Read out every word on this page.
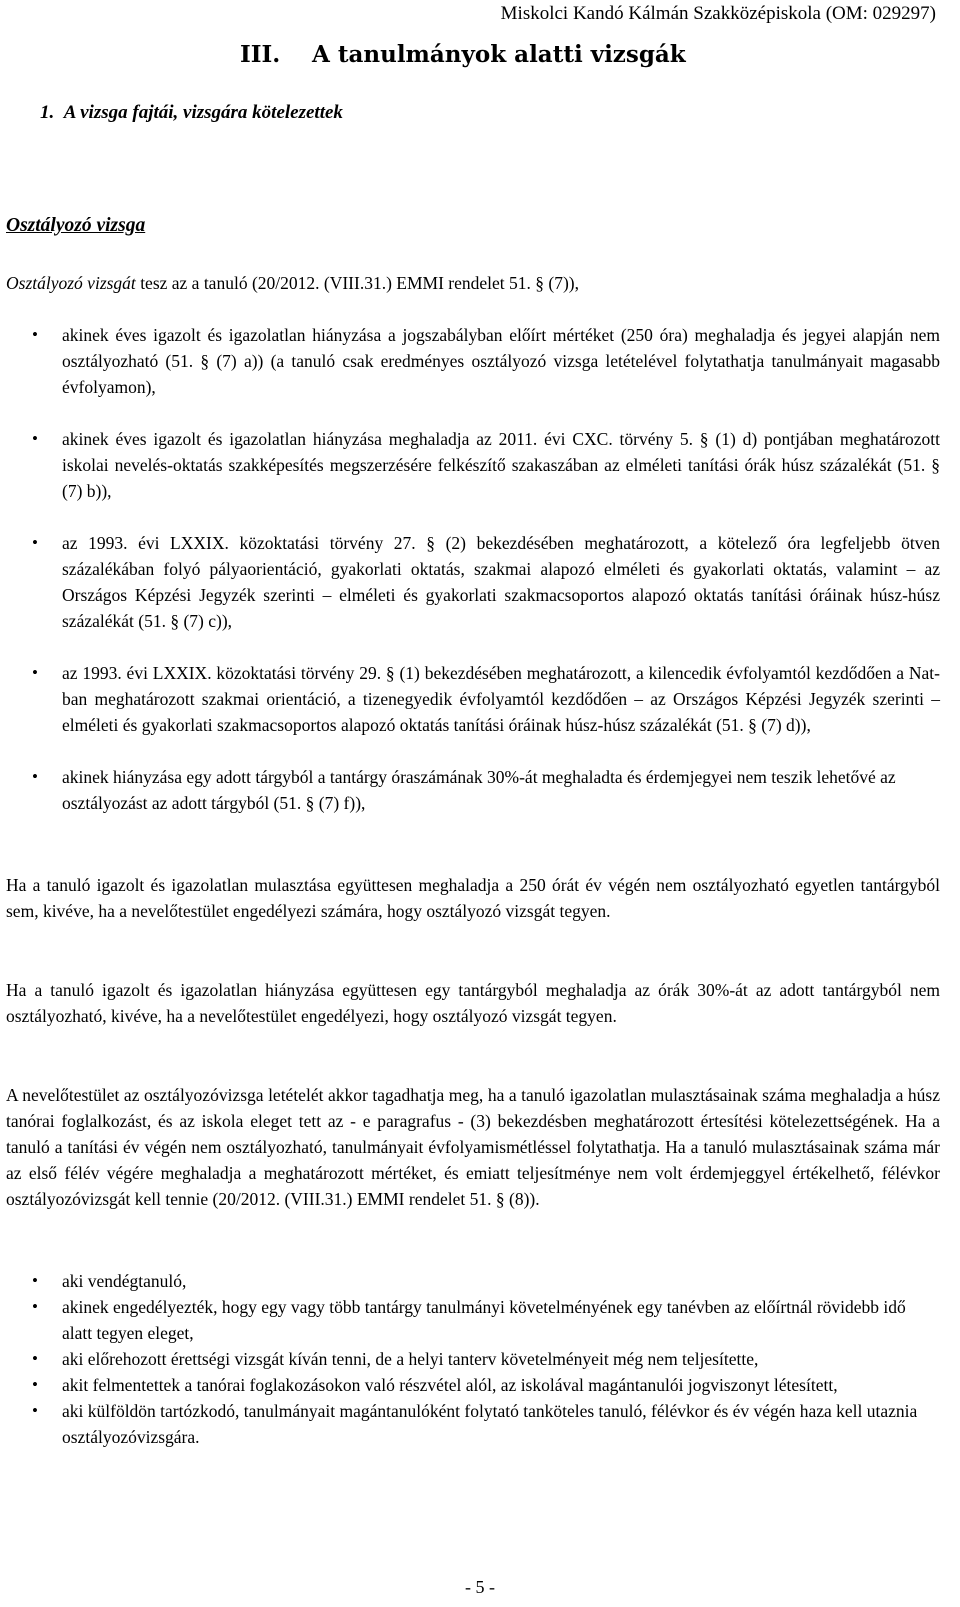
Miskolci Kandó Kálmán Szakközépiskola (OM: 029297)
III. A tanulmányok alatti vizsgák
1.  A vizsga fajtái, vizsgára kötelezettek
Osztályozó vizsga
Osztályozó vizsgát tesz az a tanuló (20/2012. (VIII.31.) EMMI rendelet 51. § (7)),
• akinek éves igazolt és igazolatlan hiányzása a jogszabályban előírt mértéket (250 óra) meghaladja és jegyei alapján nem osztályozható (51. § (7) a)) (a tanuló csak eredményes osztályozó vizsga letételével folytathatja tanulmányait magasabb évfolyamon),
• akinek éves igazolt és igazolatlan hiányzása meghaladja az 2011. évi CXC. törvény 5. § (1) d) pontjában meghatározott iskolai nevelés-oktatás szakképesítés megszerzésére felkészítő szakaszában az elméleti tanítási órák húsz százalékát (51. § (7) b)),
• az 1993. évi LXXIX. közoktatási törvény 27. § (2) bekezdésében meghatározott, a kötelező óra legfeljebb ötven százalékában folyó pályaorientáció, gyakorlati oktatás, szakmai alapozó elméleti és gyakorlati oktatás, valamint – az Országos Képzési Jegyzék szerinti – elméleti és gyakorlati szakmacsoportos alapozó oktatás tanítási óráinak húsz-húsz százalékát (51. § (7) c)),
• az 1993. évi LXXIX. közoktatási törvény 29. § (1) bekezdésében meghatározott, a kilencedik évfolyamtól kezdődően a Nat-ban meghatározott szakmai orientáció, a tizenegyedik évfolyamtól kezdődően – az Országos Képzési Jegyzék szerinti – elméleti és gyakorlati szakmacsoportos alapozó oktatás tanítási óráinak húsz-húsz százalékát (51. § (7) d)),
• akinek hiányzása egy adott tárgyból a tantárgy óraszámának 30%-át meghaladta és érdemjegyei nem teszik lehetővé az osztályozást az adott tárgyból (51. § (7) f)),
Ha a tanuló igazolt és igazolatlan mulasztása együttesen meghaladja a 250 órát év végén nem osztályozható egyetlen tantárgyból sem, kivéve, ha a nevelőtestület engedélyezi számára, hogy osztályozó vizsgát tegyen.
Ha a tanuló igazolt és igazolatlan hiányzása együttesen egy tantárgyból meghaladja az órák 30%-át az adott tantárgyból nem osztályozható, kivéve, ha a nevelőtestület engedélyezi, hogy osztályozó vizsgát tegyen.
A nevelőtestület az osztályozóvizsga letételét akkor tagadhatja meg, ha a tanuló igazolatlan mulasztásainak száma meghaladja a húsz tanórai foglalkozást, és az iskola eleget tett az - e paragrafus - (3) bekezdésben meghatározott értesítési kötelezettségének. Ha a tanuló a tanítási év végén nem osztályozható, tanulmányait évfolyamismétléssel folytathatja. Ha a tanuló mulasztásainak száma már az első félév végére meghaladja a meghatározott mértéket, és emiatt teljesítménye nem volt érdemjeggyel értékelhető, félévkor osztályozóvizsgát kell tennie (20/2012. (VIII.31.) EMMI rendelet 51. § (8)).
• aki vendégtanuló,
• akinek engedélyezték, hogy egy vagy több tantárgy tanulmányi követelményének egy tanévben az előírtnál rövidebb idő alatt tegyen eleget,
• aki előrehozott érettségi vizsgát kíván tenni, de a helyi tanterv követelményeit még nem teljesítette,
• akit felmentettek a tanórai foglakozásokon való részvétel alól, az iskolával magántanulói jogviszonyt létesített,
• aki külföldön tartózkodó, tanulmányait magántanulóként folytató tanköteles tanuló, félévkor és év végén haza kell utaznia osztályozóvizsgára.
- 5 -
